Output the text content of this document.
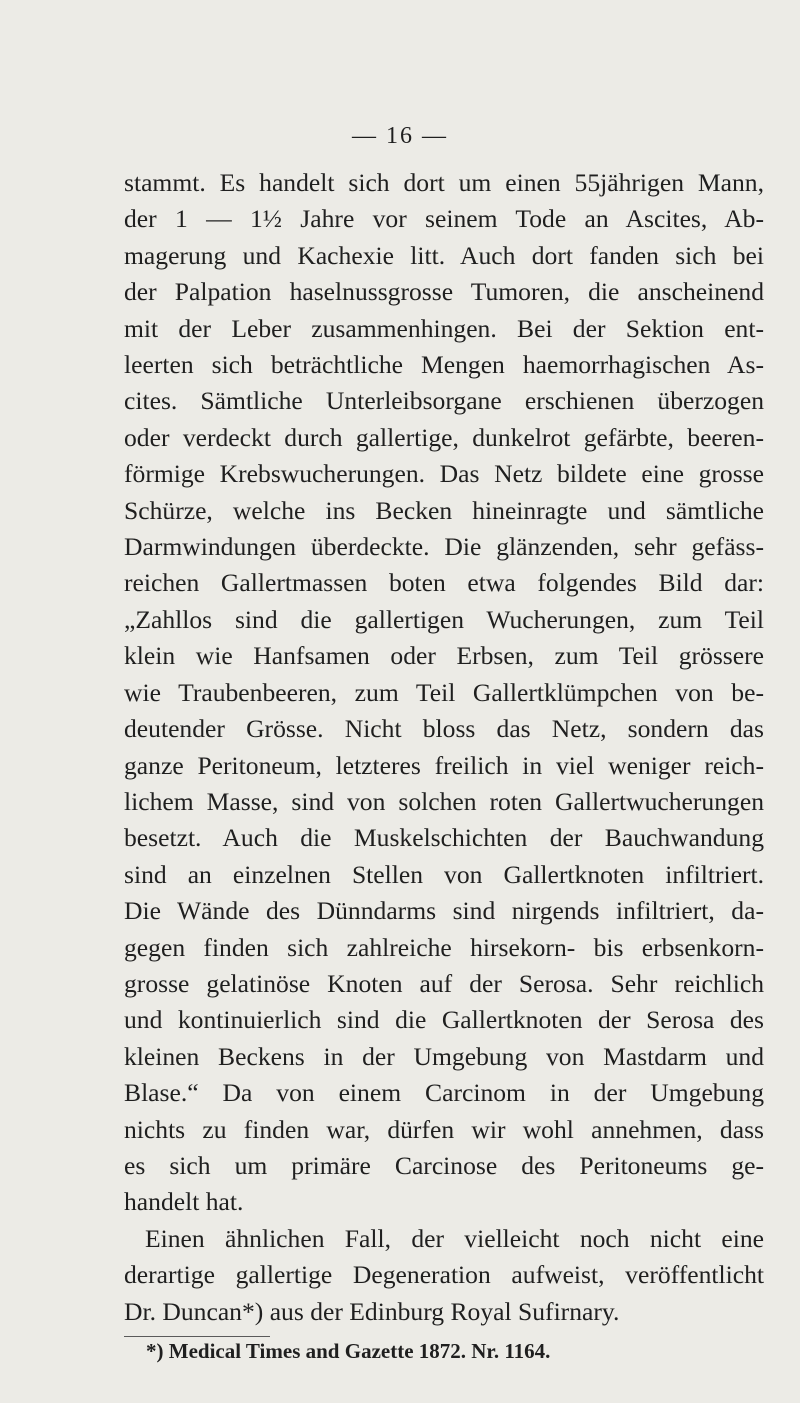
— 16 —
stammt. Es handelt sich dort um einen 55jährigen Mann,
der 1 — 1½ Jahre vor seinem Tode an Ascites, Ab-
magerung und Kachexie litt. Auch dort fanden sich bei
der Palpation haselnussgrosse Tumoren, die anscheinend
mit der Leber zusammenhingen. Bei der Sektion ent-
leerten sich beträchtliche Mengen haemorrhagischen As-
cites. Sämtliche Unterleibsorgane erschienen überzogen
oder verdeckt durch gallertige, dunkelrot gefärbte, beeren-
förmige Krebswucherungen. Das Netz bildete eine grosse
Schürze, welche ins Becken hineinragte und sämtliche
Darmwindungen überdeckte. Die glänzenden, sehr gefäss-
reichen Gallertmassen boten etwa folgendes Bild dar:
„Zahllos sind die gallertigen Wucherungen, zum Teil
klein wie Hanfsamen oder Erbsen, zum Teil grössere
wie Traubenbeeren, zum Teil Gallertklümpchen von be-
deutender Grösse. Nicht bloss das Netz, sondern das
ganze Peritoneum, letzteres freilich in viel weniger reich-
lichem Masse, sind von solchen roten Gallertwucherungen
besetzt. Auch die Muskelschichten der Bauchwandung
sind an einzelnen Stellen von Gallertknoten infiltriert.
Die Wände des Dünndarms sind nirgends infiltriert, da-
gegen finden sich zahlreiche hirsekorn- bis erbsenkorn-
grosse gelatinöse Knoten auf der Serosa. Sehr reichlich
und kontinuierlich sind die Gallertknoten der Serosa des
kleinen Beckens in der Umgebung von Mastdarm und
Blase.“ Da von einem Carcinom in der Umgebung
nichts zu finden war, dürfen wir wohl annehmen, dass
es sich um primäre Carcinose des Peritoneums ge-
handelt hat.
Einen ähnlichen Fall, der vielleicht noch nicht eine
derartige gallertige Degeneration aufweist, veröffentlicht
Dr. Duncan*) aus der Edinburg Royal Sufirnary.
*) Medical Times and Gazette 1872. Nr. 1164.
